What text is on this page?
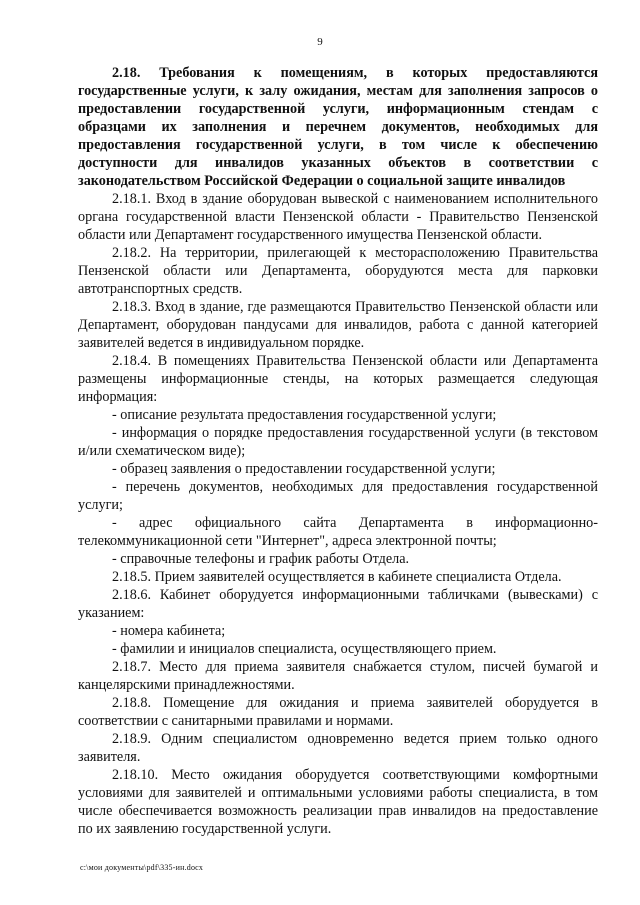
9

2.18. Требования к помещениям, в которых предоставляются государственные услуги, к залу ожидания, местам для заполнения запросов о предоставлении государственной услуги, информационным стендам с образцами их заполнения и перечнем документов, необходимых для предоставления государственной услуги, в том числе к обеспечению доступности для инвалидов указанных объектов в соответствии с законодательством Российской Федерации о социальной защите инвалидов

2.18.1. Вход в здание оборудован вывеской с наименованием исполнительного органа государственной власти Пензенской области - Правительство Пензенской области или Департамент государственного имущества Пензенской области.

2.18.2. На территории, прилегающей к месторасположению Правительства Пензенской области или Департамента, оборудуются места для парковки автотранспортных средств.

2.18.3. Вход в здание, где размещаются Правительство Пензенской области или Департамент, оборудован пандусами для инвалидов, работа с данной категорией заявителей ведется в индивидуальном порядке.

2.18.4. В помещениях Правительства Пензенской области или Департамента размещены информационные стенды, на которых размещается следующая информация:

- описание результата предоставления государственной услуги;

- информация о порядке предоставления государственной услуги (в текстовом и/или схематическом виде);

- образец заявления о предоставлении государственной услуги;

- перечень документов, необходимых для предоставления государственной услуги;

- адрес официального сайта Департамента в информационно-телекоммуникационной сети "Интернет", адреса электронной почты;

- справочные телефоны и график работы Отдела.

2.18.5. Прием заявителей осуществляется в кабинете специалиста Отдела.

2.18.6. Кабинет оборудуется информационными табличками (вывесками) с указанием:

- номера кабинета;

- фамилии и инициалов специалиста, осуществляющего прием.

2.18.7. Место для приема заявителя снабжается стулом, писчей бумагой и канцелярскими принадлежностями.

2.18.8. Помещение для ожидания и приема заявителей оборудуется в соответствии с санитарными правилами и нормами.

2.18.9. Одним специалистом одновременно ведется прием только одного заявителя.

2.18.10. Место ожидания оборудуется соответствующими комфортными условиями для заявителей и оптимальными условиями работы специалиста, в том числе обеспечивается возможность реализации прав инвалидов на предоставление по их заявлению государственной услуги.

c:\мои документы\pdf\335-ин.docx
